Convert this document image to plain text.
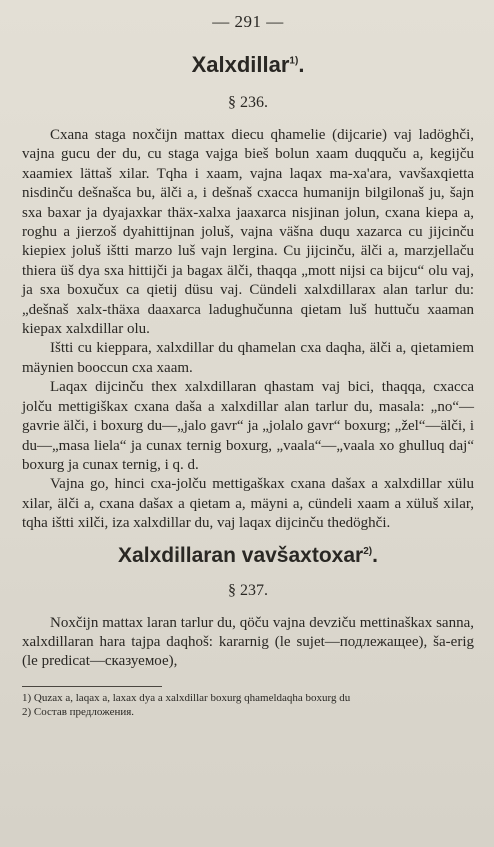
— 291 —
Xalxdillar$^{1)}$.
§ 236.

Cxana staga noxčijn mattax diecu qhamelie (dijcarie) vaj ladöghči, vajna gucu der du, cu staga vajga bieš bolun xaam duqquču a, kegijču xaamiex lättaš xilar. Tqha i xaam, vajna laqax ma-xa'ara, vavšaxqietta nisdinču dešnašca bu, älči a, i dešnaš cxacca humanijn bilgilonaš ju, šajn sxa baxar ja dyajaxkar thäx-xalxa jaaxarca nisjinan jolun, cxana kiepa a, roghu a jierzoš dyahittijnan joluš, vajna väšna duqu xazarca cu jijcinču kiepiex joluš ištti marzo luš vajn lergina. Cu jijcinču, älči a, marzjellaču thiera üš dya sxa hittijči ja bagax älči, thaqqa „mott nijsi ca bijcu“ olu vaj, ja sxa boxučux ca qietij düsu vaj. Cündeli xalxdillarax alan tarlur du: „dešnaš xalx-thäxa daaxarca ladughučunna qietam luš huttuču xaaman kiepax xalxdillar olu.

Ištti cu kieppara, xalxdillar du qhamelan cxa daqha, älči a, qietamiem mäynien booccun cxa xaam.

Laqax dijcinču thex xalxdillaran qhastam vaj bici, thaqqa, cxacca jolču mettigiškax cxana daša a xalxdillar alan tarlur du, masala: „no“—gavrie älči, i boxurg du—„jalo gavr“ ja „jolalo gavr“ boxurg; „žel“—älči, i du—„masa liela“ ja cunax ternig boxurg, „vaala“—„vaala xo ghulluq daj“ boxurg ja cunax ternig, i q. d.

Vajna go, hinci cxa-jolču mettigaškax cxana dašax a xalxdillar xülu xilar, älči a, cxana dašax a qietam a, mäyni a, cündeli xaam a xüluš xilar, tqha ištti xilči, iza xalxdillar du, vaj laqax dijcinču thedöghči.

Xalxdillaran vavšaxtoxar$^{2)}$.
§ 237.

Noxčijn mattax laran tarlur du, qöču vajna devziču mettinaškax sanna, xalxdillaran hara tajpa daqhoš: kararnig (le sujet—подлежащее), ša-erig (le predicat—сказуемое),

1) Quzax a, laqax a, laxax dya a xalxdillar boxurg qhameldaqha boxurg du

2) Состав предложения.
